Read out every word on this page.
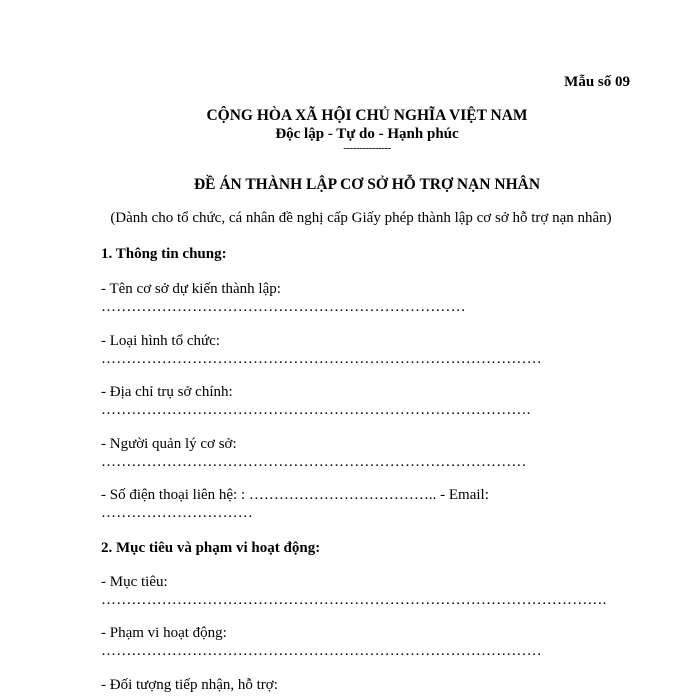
Mẫu số 09
CỘNG HÒA XÃ HỘI CHỦ NGHĨA VIỆT NAM
Độc lập - Tự do - Hạnh phúc
---------------
ĐỀ ÁN THÀNH LẬP CƠ SỞ HỖ TRỢ NẠN NHÂN
(Dành cho tổ chức, cá nhân đề nghị cấp Giấy phép thành lập cơ sở hỗ trợ nạn nhân)
1. Thông tin chung:
- Tên cơ sở dự kiến thành lập:
………………………………………………………………
- Loại hình tổ chức:
……………………………………………………………………………
- Địa chỉ trụ sở chính:
………………………………………………………………………….
- Người quản lý cơ sở:
…………………………………………………………………………
- Số điện thoại liên hệ: : ……………………………….. - Email:
…………………………
2. Mục tiêu và phạm vi hoạt động:
- Mục tiêu:
……………………………………………………………………………………….
- Phạm vi hoạt động:
……………………………………………………………………………
- Đối tượng tiếp nhận, hỗ trợ:
